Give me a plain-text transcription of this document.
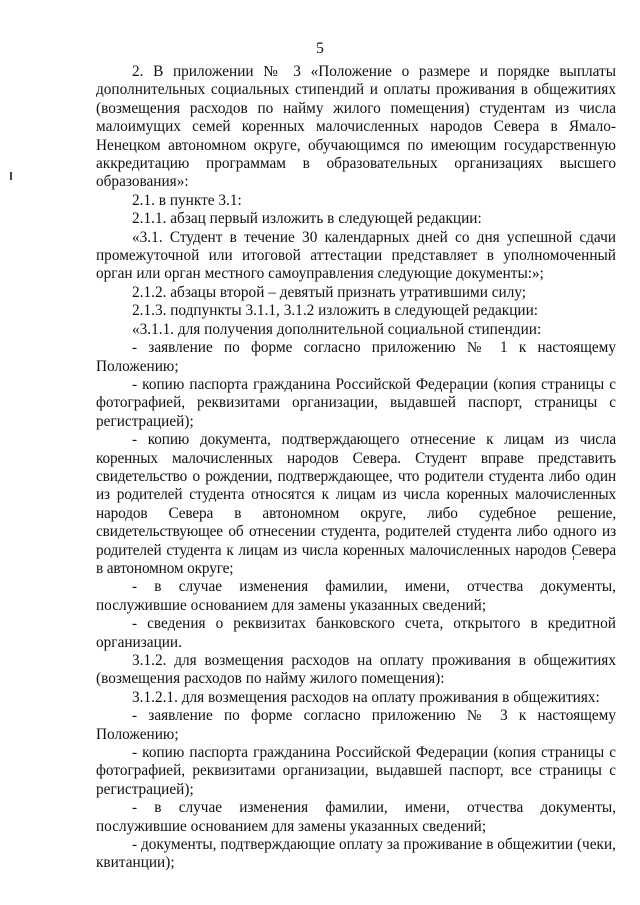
5

2. В приложении № 3 «Положение о размере и порядке выплаты дополнительных социальных стипендий и оплаты проживания в общежитиях (возмещения расходов по найму жилого помещения) студентам из числа малоимущих семей коренных малочисленных народов Севера в Ямало-Ненецком автономном округе, обучающимся по имеющим государственную аккредитацию программам в образовательных организациях высшего образования»:

2.1. в пункте 3.1:

2.1.1. абзац первый изложить в следующей редакции:

«3.1. Студент в течение 30 календарных дней со дня успешной сдачи промежуточной или итоговой аттестации представляет в уполномоченный орган или орган местного самоуправления следующие документы:»;

2.1.2. абзацы второй – девятый признать утратившими силу;

2.1.3. подпункты 3.1.1, 3.1.2 изложить в следующей редакции:

«3.1.1. для получения дополнительной социальной стипендии:

- заявление по форме согласно приложению № 1 к настоящему Положению;

- копию паспорта гражданина Российской Федерации (копия страницы с фотографией, реквизитами организации, выдавшей паспорт, страницы с регистрацией);

- копию документа, подтверждающего отнесение к лицам из числа коренных малочисленных народов Севера. Студент вправе представить свидетельство о рождении, подтверждающее, что родители студента либо один из родителей студента относятся к лицам из числа коренных малочисленных народов Севера в автономном округе, либо судебное решение, свидетельствующее об отнесении студента, родителей студента либо одного из родителей студента к лицам из числа коренных малочисленных народов Севера в автономном округе;

- в случае изменения фамилии, имени, отчества документы, послужившие основанием для замены указанных сведений;

- сведения о реквизитах банковского счета, открытого в кредитной организации.

3.1.2. для возмещения расходов на оплату проживания в общежитиях (возмещения расходов по найму жилого помещения):

3.1.2.1. для возмещения расходов на оплату проживания в общежитиях:

- заявление по форме согласно приложению № 3 к настоящему Положению;

- копию паспорта гражданина Российской Федерации (копия страницы с фотографией, реквизитами организации, выдавшей паспорт, все страницы с регистрацией);

- в случае изменения фамилии, имени, отчества документы, послужившие основанием для замены указанных сведений;

- документы, подтверждающие оплату за проживание в общежитии (чеки, квитанции);
